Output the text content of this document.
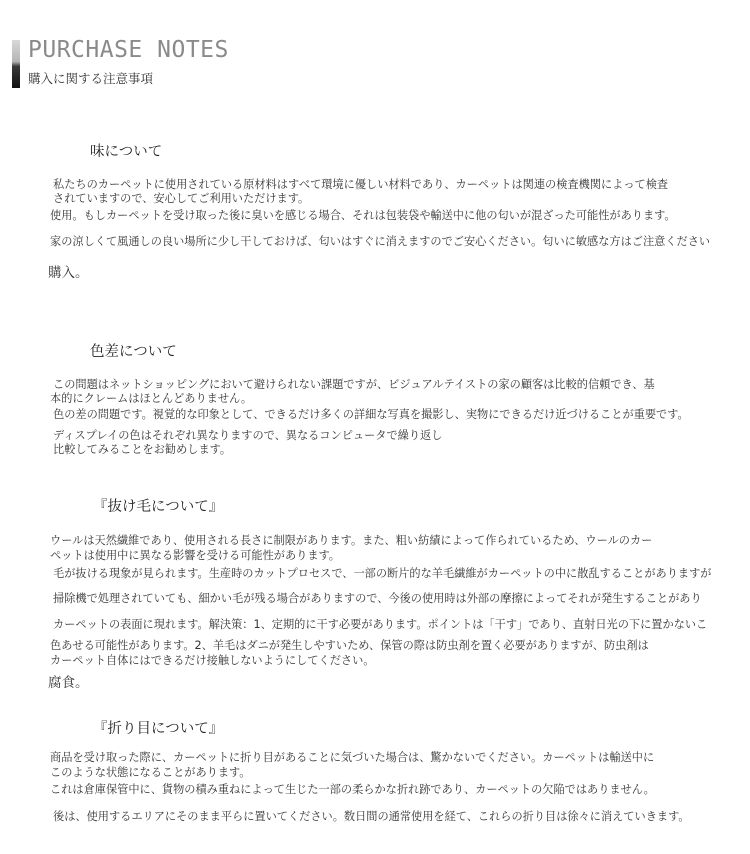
PURCHASE NOTES
購入に関する注意事項
味について
私たちのカーペットに使用されている原材料はすべて環境に優しい材料であり、カーペットは関連の検査機関によって検査
されていますので、安心してご利用いただけます。
使用。もしカーペットを受け取った後に臭いを感じる場合、それは包装袋や輸送中に他の匂いが混ざった可能性があります。
家の涼しくて風通しの良い場所に少し干しておけば、匂いはすぐに消えますのでご安心ください。匂いに敏感な方はご注意ください
購入。
色差について
この問題はネットショッピングにおいて避けられない課題ですが、ビジュアルテイストの家の顧客は比較的信頼でき、基
本的にクレームはほとんどありません。
色の差の問題です。視覚的な印象として、できるだけ多くの詳細な写真を撮影し、実物にできるだけ近づけることが重要です。
ディスプレイの色はそれぞれ異なりますので、異なるコンピュータで繰り返し
比較してみることをお勧めします。
『抜け毛について』
ウールは天然繊維であり、使用される長さに制限があります。また、粗い紡績によって作られているため、ウールのカー
ペットは使用中に異なる影響を受ける可能性があります。
毛が抜ける現象が見られます。生産時のカットプロセスで、一部の断片的な羊毛繊維がカーペットの中に散乱することがありますが
掃除機で処理されていても、細かい毛が残る場合がありますので、今後の使用時は外部の摩擦によってそれが発生することがあり
カーペットの表面に現れます。解決策：1、定期的に干す必要があります。ポイントは「干す」であり、直射日光の下に置かないこ
色あせる可能性があります。2、羊毛はダニが発生しやすいため、保管の際は防虫剤を置く必要がありますが、防虫剤は
カーペット自体にはできるだけ接触しないようにしてください。
腐食。
『折り目について』
商品を受け取った際に、カーペットに折り目があることに気づいた場合は、驚かないでください。カーペットは輸送中に
このような状態になることがあります。
これは倉庫保管中に、貨物の積み重ねによって生じた一部の柔らかな折れ跡であり、カーペットの欠陥ではありません。
後は、使用するエリアにそのまま平らに置いてください。数日間の通常使用を経て、これらの折り目は徐々に消えていきます。
